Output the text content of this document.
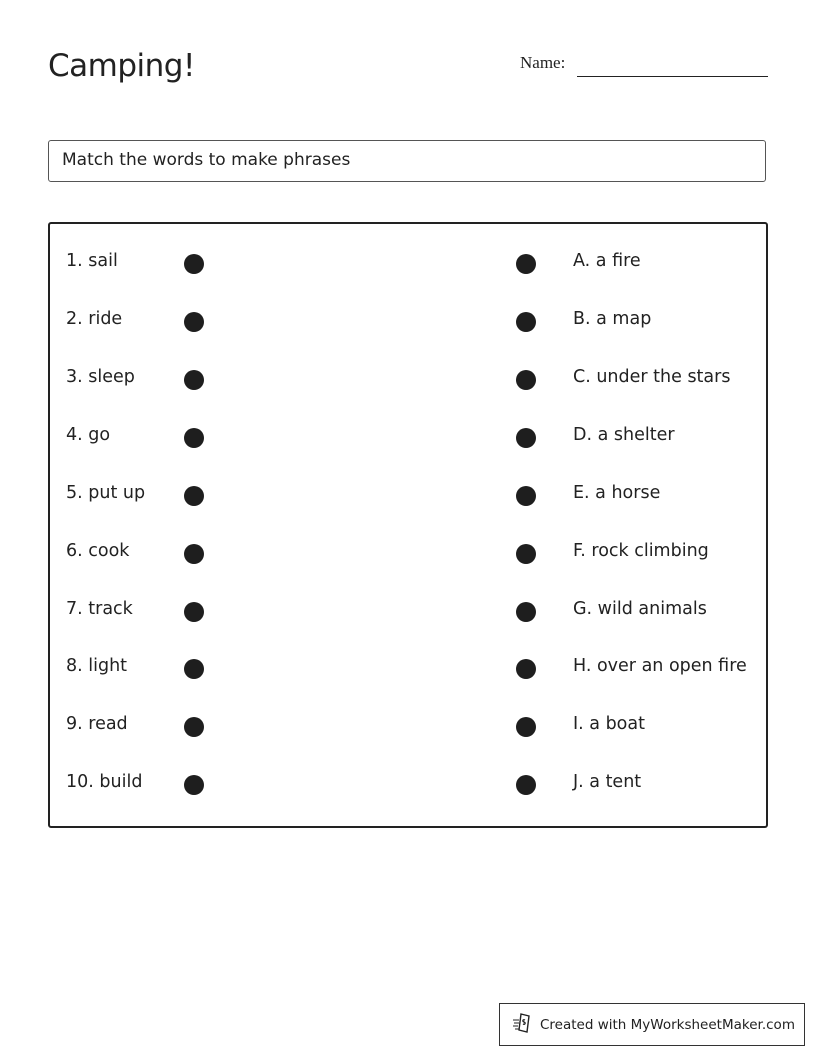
Camping!	Name:
Match the words to make phrases
1. sail	A. a fire
2. ride	B. a map
3. sleep	C. under the stars
4. go	D. a shelter
5. put up	E. a horse
6. cook	F. rock climbing
7. track	G. wild animals
8. light	H. over an open fire
9. read	I. a boat
10. build	J. a tent
Created with MyWorksheetMaker.com
